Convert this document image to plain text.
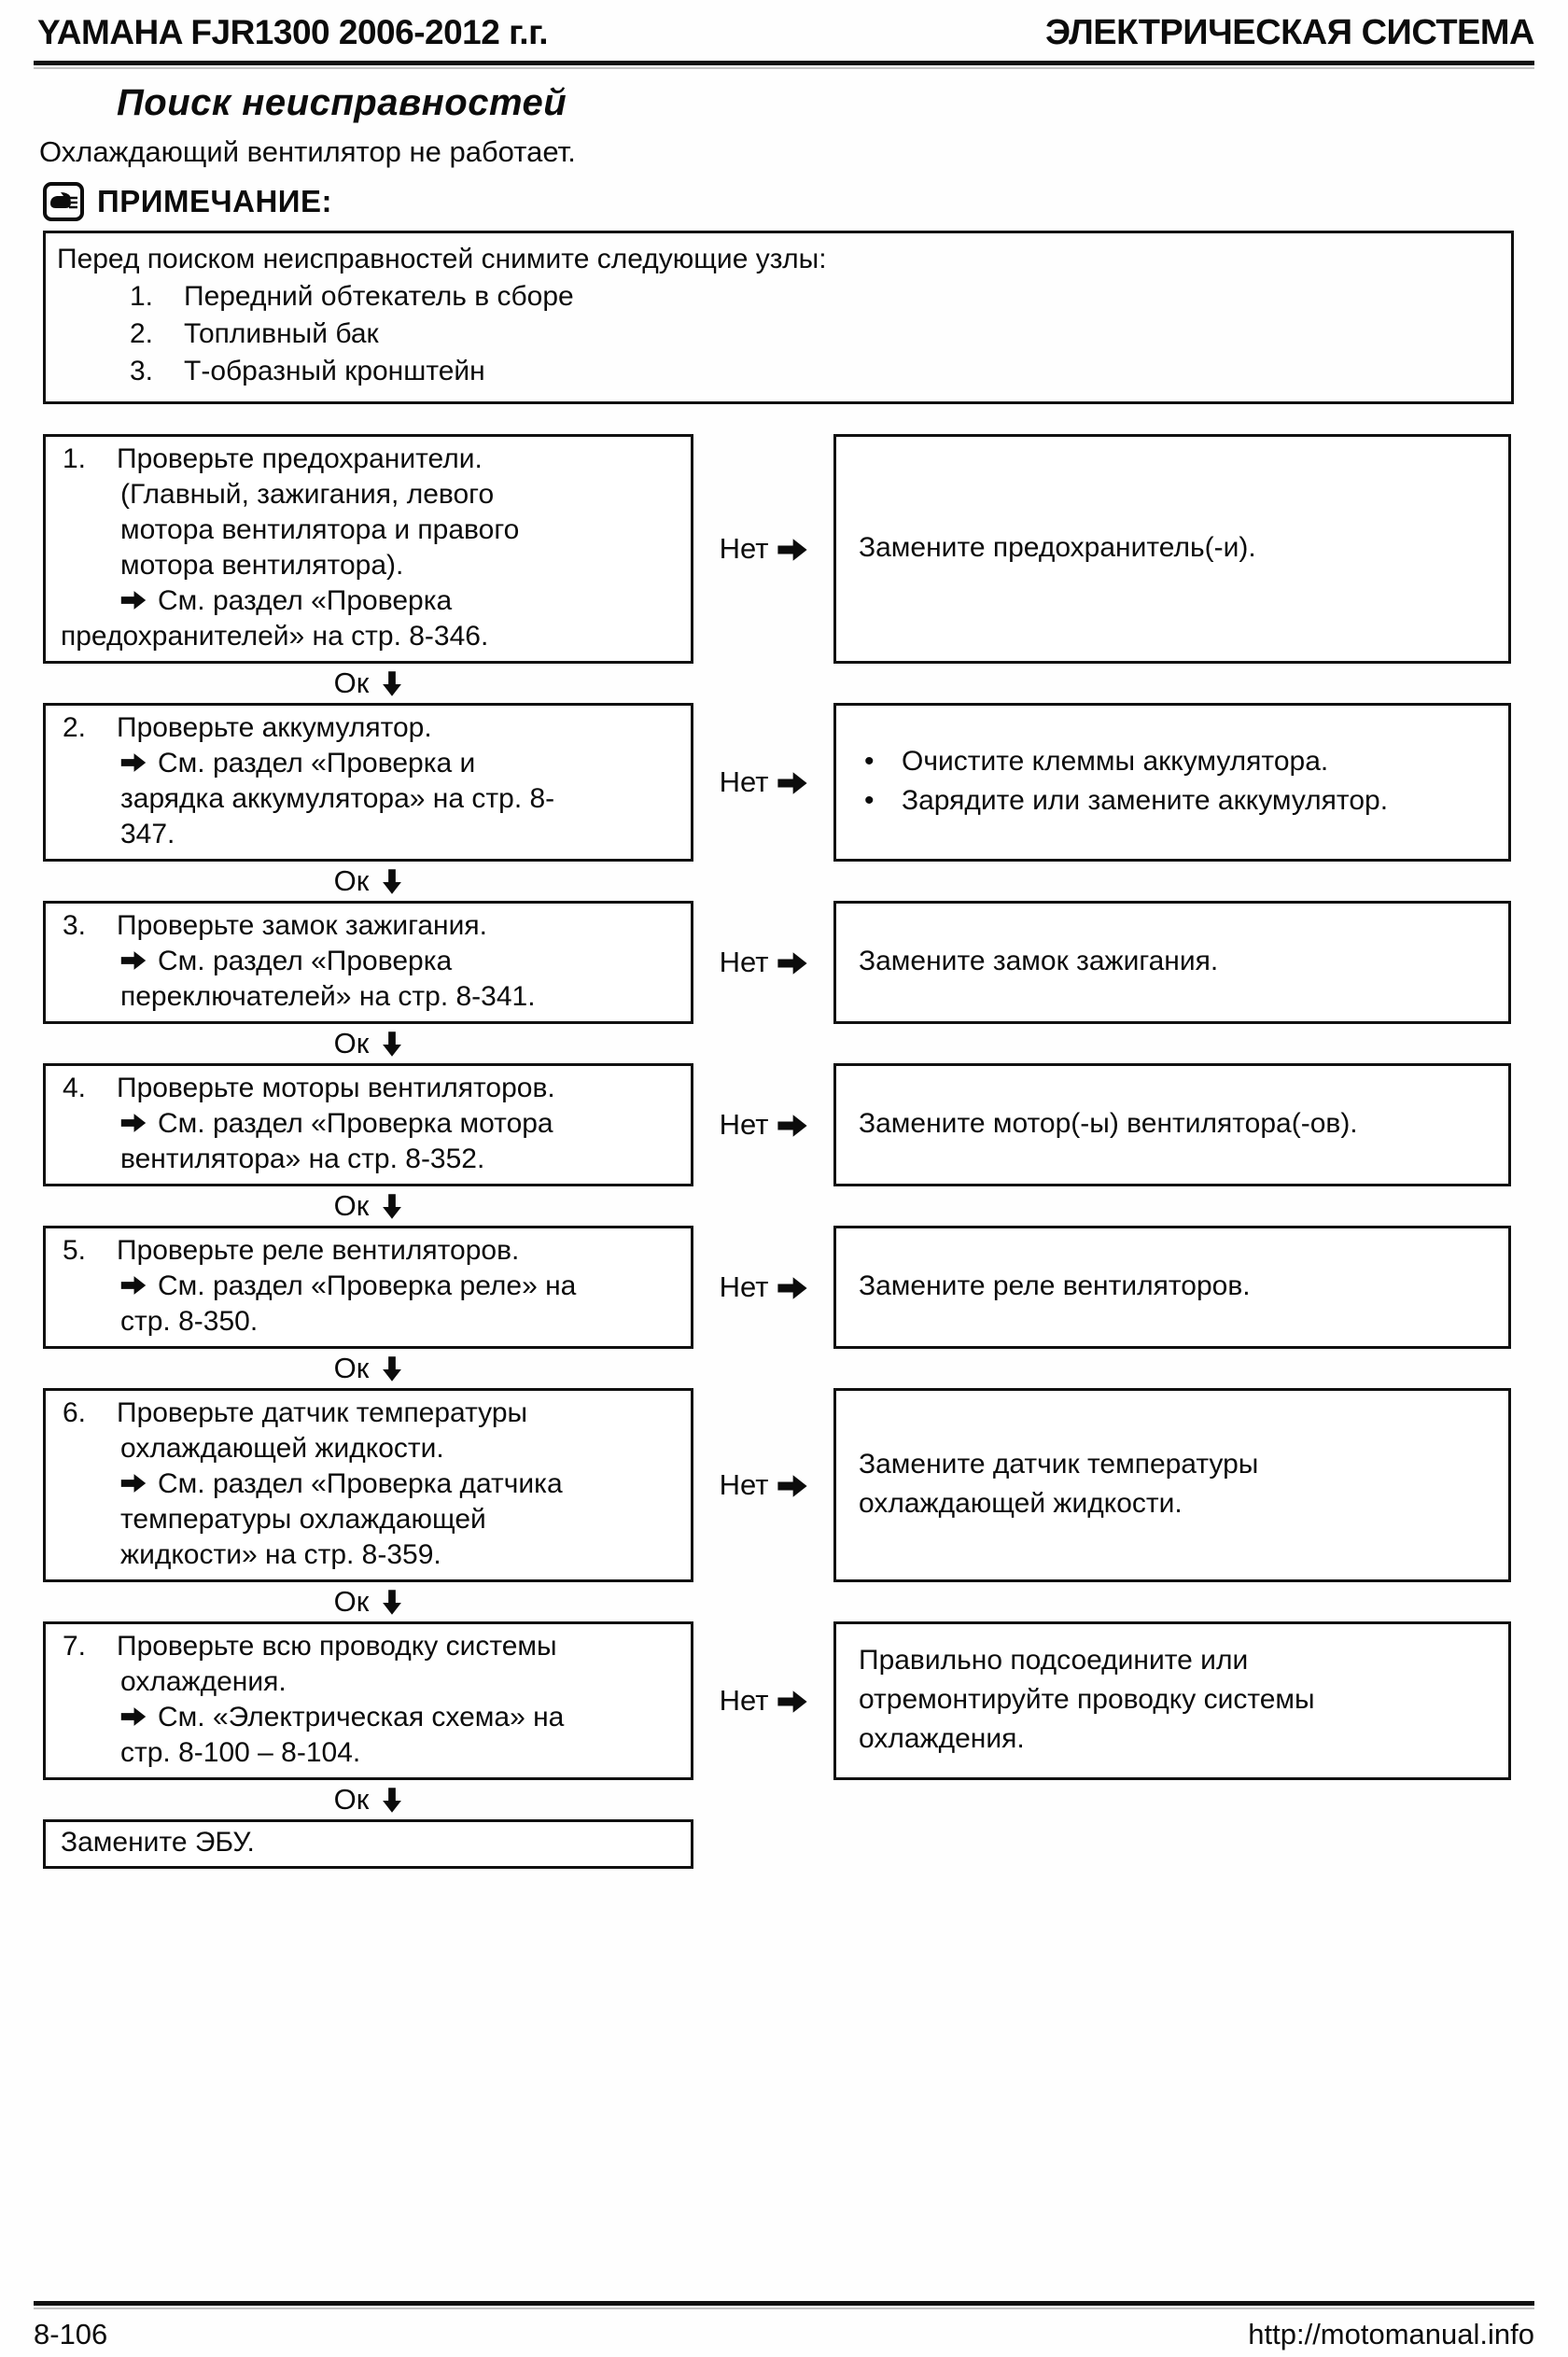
YAMAHA FJR1300 2006-2012 г.г.	ЭЛЕКТРИЧЕСКАЯ СИСТЕМА
Поиск неисправностей
Охлаждающий вентилятор не работает.
ПРИМЕЧАНИЕ:
Перед поиском неисправностей снимите следующие узлы:
1.	Передний обтекатель в сборе
2.	Топливный бак
3.	Т-образный кронштейн
1. Проверьте предохранители.
(Главный, зажигания, левого
мотора вентилятора и правого
мотора вентилятора).
См. раздел «Проверка
предохранителей» на стр. 8-346.
Нет	Замените предохранитель(-и).
Ок
2. Проверьте аккумулятор.
См. раздел «Проверка и
зарядка аккумулятора» на стр. 8-
347.
Нет
• Очистите клеммы аккумулятора.
• Зарядите или замените аккумулятор.
Ок
3. Проверьте замок зажигания.
См. раздел «Проверка
переключателей» на стр. 8-341.
Нет	Замените замок зажигания.
Ок
4. Проверьте моторы вентиляторов.
См. раздел «Проверка мотора
вентилятора» на стр. 8-352.
Нет	Замените мотор(-ы) вентилятора(-ов).
Ок
5. Проверьте реле вентиляторов.
См. раздел «Проверка реле» на
стр. 8-350.
Нет	Замените реле вентиляторов.
Ок
6. Проверьте датчик температуры
охлаждающей жидкости.
См. раздел «Проверка датчика
температуры охлаждающей
жидкости» на стр. 8-359.
Нет
Замените датчик температуры
охлаждающей жидкости.
Ок
7. Проверьте всю проводку системы
охлаждения.
См. «Электрическая схема» на
стр. 8-100 – 8-104.
Нет
Правильно подсоедините или
отремонтируйте проводку системы
охлаждения.
Ок
Замените ЭБУ.
8-106	http://motomanual.info
